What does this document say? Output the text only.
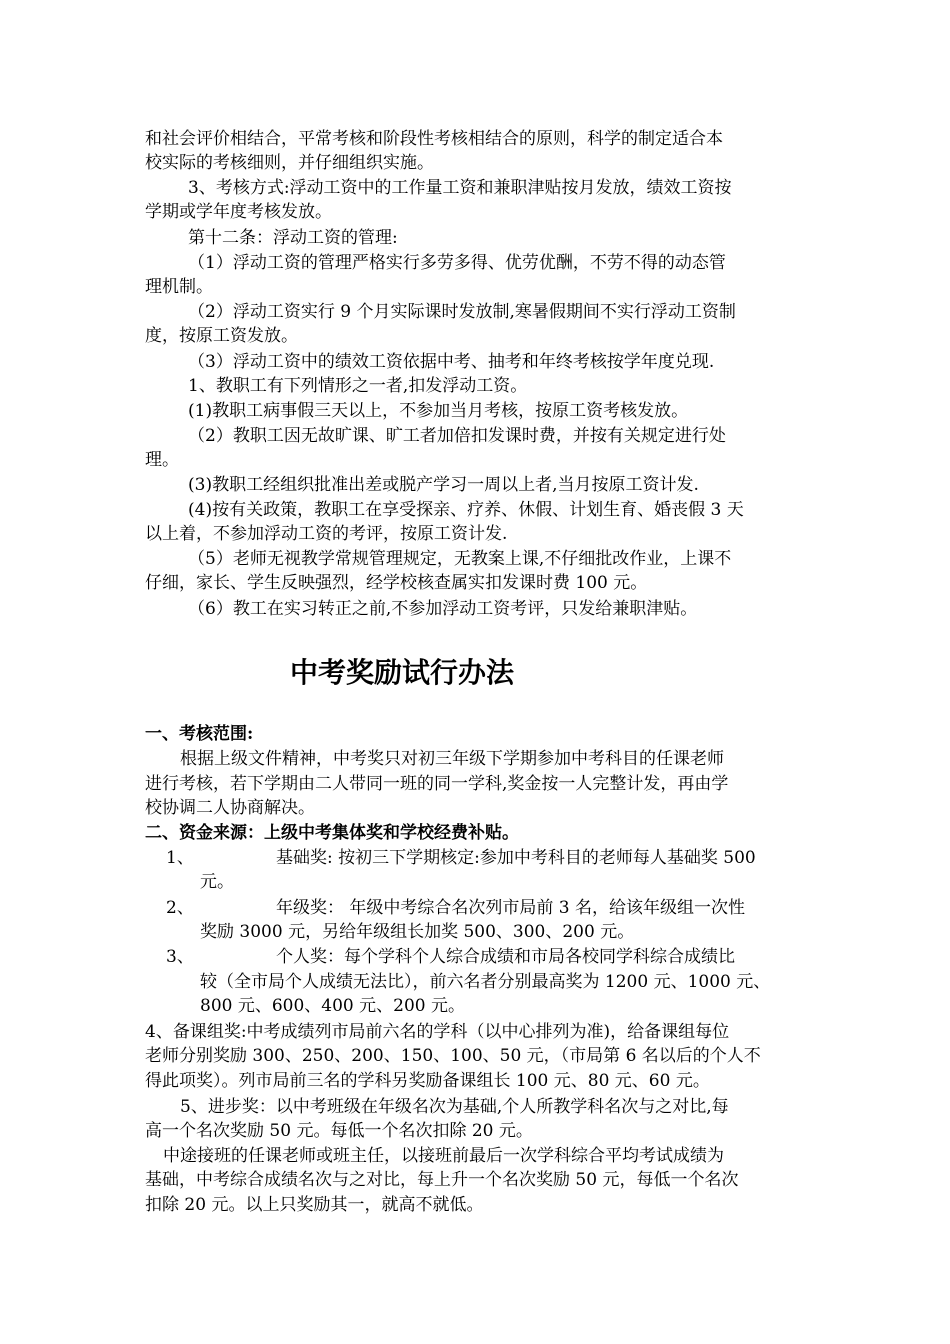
和社会评价相结合，平常考核和阶段性考核相结合的原则，科学的制定适合本
校实际的考核细则，并仔细组织实施。
3、考核方式:浮动工资中的工作量工资和兼职津贴按月发放，绩效工资按
学期或学年度考核发放。
第十二条：浮动工资的管理:
（1）浮动工资的管理严格实行多劳多得、优劳优酬，不劳不得的动态管
理机制。
（2）浮动工资实行 9 个月实际课时发放制,寒暑假期间不实行浮动工资制
度，按原工资发放。
（3）浮动工资中的绩效工资依据中考、抽考和年终考核按学年度兑现.
1、教职工有下列情形之一者,扣发浮动工资。
(1)教职工病事假三天以上，不参加当月考核，按原工资考核发放。
（2）教职工因无故旷课、旷工者加倍扣发课时费，并按有关规定进行处
理。
(3)教职工经组织批准出差或脱产学习一周以上者,当月按原工资计发.
(4)按有关政策，教职工在享受探亲、疗养、休假、计划生育、婚丧假 3 天
以上着，不参加浮动工资的考评，按原工资计发.
（5）老师无视教学常规管理规定，无教案上课,不仔细批改作业，上课不
仔细，家长、学生反映强烈，经学校核查属实扣发课时费 100 元。
（6）教工在实习转正之前,不参加浮动工资考评，只发给兼职津贴。
中考奖励试行办法
一、考核范围:
根据上级文件精神，中考奖只对初三年级下学期参加中考科目的任课老师
进行考核，若下学期由二人带同一班的同一学科,奖金按一人完整计发，再由学
校协调二人协商解决。
二、资金来源：上级中考集体奖和学校经费补贴。
1、	基础奖: 按初三下学期核定:参加中考科目的老师每人基础奖 500
元。
2、	年级奖： 年级中考综合名次列市局前 3 名，给该年级组一次性
奖励 3000 元，另给年级组长加奖 500、300、200 元。
3、	个人奖：每个学科个人综合成绩和市局各校同学科综合成绩比
较（全市局个人成绩无法比），前六名者分别最高奖为 1200 元、1000 元、
800 元、600、400 元、200 元。
4、备课组奖:中考成绩列市局前六名的学科（以中心排列为准)，给备课组每位
老师分别奖励 300、250、200、150、100、50 元，（市局第 6 名以后的个人不
得此项奖）。列市局前三名的学科另奖励备课组长 100 元、80 元、60 元。
5、进步奖：以中考班级在年级名次为基础,个人所教学科名次与之对比,每
高一个名次奖励 50 元。每低一个名次扣除 20 元。
中途接班的任课老师或班主任，以接班前最后一次学科综合平均考试成绩为
基础，中考综合成绩名次与之对比，每上升一个名次奖励 50 元，每低一个名次
扣除 20 元。以上只奖励其一，就高不就低。
